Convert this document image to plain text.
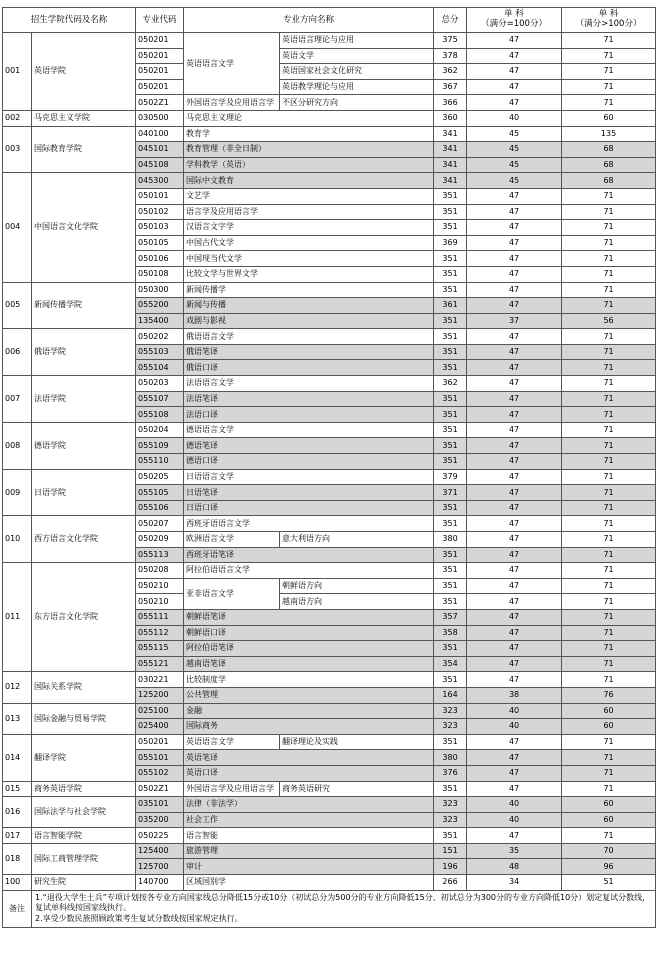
招生学院代码及名称		专业代码	专业方向名称		总分	单 科
（满分=100分）	单 科
（满分>100分）

001	英语学院	050201	英语语言文学	英语语言理论与应用	375	47	71
		050201		英语文学	378	47	71
		050201		英语国家社会文化研究	362	47	71
		050201		英语教学理论与应用	367	47	71
		0502Z1	外国语言学及应用语言学	不区分研究方向	366	47	71
002	马克思主义学院	030500	马克思主义理论		360	40	60
003	国际教育学院	040100	教育学		341	45	135
		045101	教育管理（非全日制）		341	45	68
		045108	学科教学（英语）		341	45	68
004	中国语言文化学院	045300	国际中文教育		341	45	68
		050101	文艺学		351	47	71
		050102	语言学及应用语言学		351	47	71
		050103	汉语言文字学		351	47	71
		050105	中国古代文学		369	47	71
		050106	中国现当代文学		351	47	71
		050108	比较文学与世界文学		351	47	71
005	新闻传播学院	050300	新闻传播学		351	47	71
		055200	新闻与传播		361	47	71
		135400	戏剧与影视		351	37	56
006	俄语学院	050202	俄语语言文学		351	47	71
		055103	俄语笔译		351	47	71
		055104	俄语口译		351	47	71
007	法语学院	050203	法语语言文学		362	47	71
		055107	法语笔译		351	47	71
		055108	法语口译		351	47	71
008	德语学院	050204	德语语言文学		351	47	71
		055109	德语笔译		351	47	71
		055110	德语口译		351	47	71
009	日语学院	050205	日语语言文学		379	47	71
		055105	日语笔译		371	47	71
		055106	日语口译		351	47	71
010	西方语言文化学院	050207	西班牙语语言文学		351	47	71
		050209	欧洲语言文学	意大利语方向	380	47	71
		055113	西班牙语笔译		351	47	71
011	东方语言文化学院	050208	阿拉伯语语言文学		351	47	71
		050210	亚非语言文学	朝鲜语方向	351	47	71
		050210		越南语方向	351	47	71
		055111	朝鲜语笔译		357	47	71
		055112	朝鲜语口译		358	47	71
		055115	阿拉伯语笔译		351	47	71
		055121	越南语笔译		354	47	71
012	国际关系学院	030221	比较制度学		351	47	71
		125200	公共管理		164	38	76
013	国际金融与贸易学院	025100	金融		323	40	60
		025400	国际商务		323	40	60
014	翻译学院	050201	英语语言文学	翻译理论及实践	351	47	71
		055101	英语笔译		380	47	71
		055102	英语口译		376	47	71
015	商务英语学院	0502Z1	外国语言学及应用语言学	商务英语研究	351	47	71
016	国际法学与社会学院	035101	法律（非法学）		323	40	60
		035200	社会工作		323	40	60
017	语言智能学院	050225	语言智能		351	47	71
018	国际工商管理学院	125400	旅游管理		151	35	70
		125700	审计		196	48	96
100	研究生院	140700	区域国别学		266	34	51
备注	1.“退役大学生士兵”专项计划按各专业方向国家线总分降低15分或10分（初试总分为500分的专业方向降低15分、初试总分为300分的专业方向降低10分）划定复试分数线，复试单科线按国家线执行。
2.享受少数民族照顾政策考生复试分数线按国家规定执行。						
